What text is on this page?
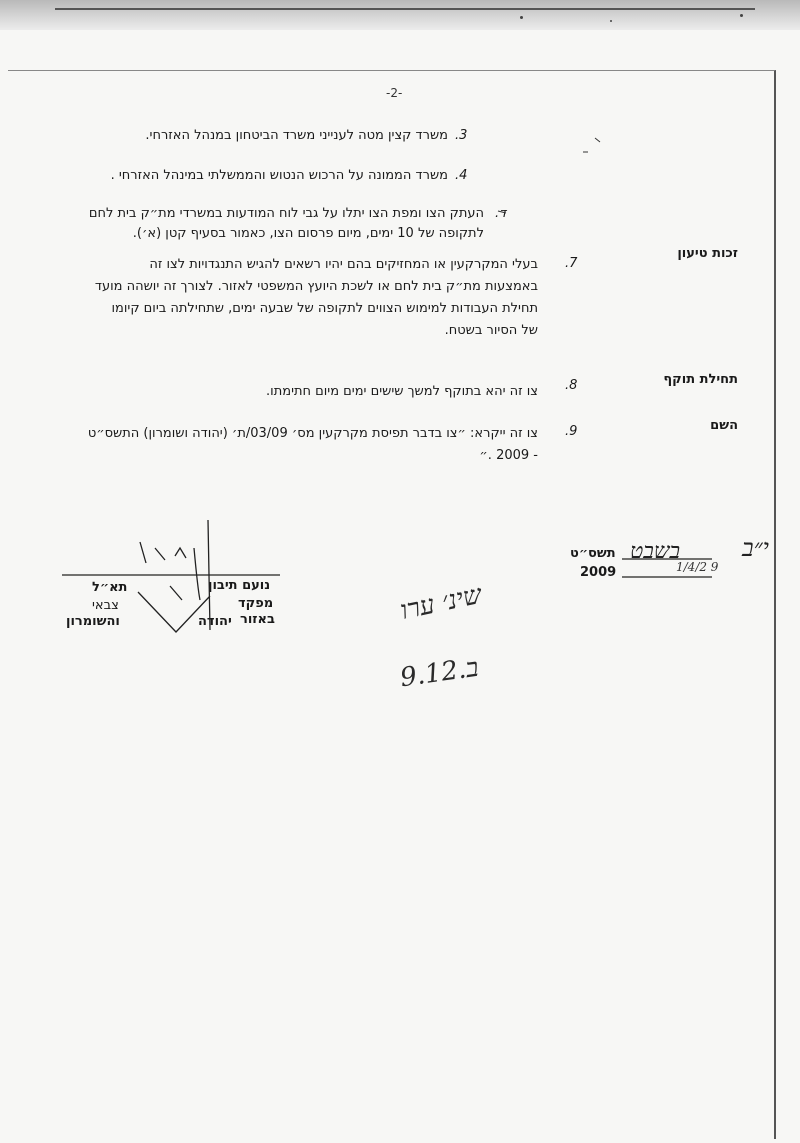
-2-
.3
משרד קצין מטה לענייני משרד הביטחון במנהל האזרחי.
.4
משרד הממונה על הרכוש הנטוש והממשלתי במינהל האזרחי .
.ד
העתק הצו ומפת הצו יתלו על גבי לוח המודעות במשרדי מת״ק בית לחם
לתקופה של 10 ימים, מיום פרסום הצו, כאמור בסעיף קטן (א׳).
זכות טיעון
.7
בעלי המקרקעין או המחזיקים בהם יהיו רשאים להגיש התנגדויות לצו זה
באמצעות מת״ק בית לחם או לשכת היועץ המשפטי לאזור. לצורך זה יושהה מועד
תחילת העבודות למימוש הצווים לתקופה של שבעה ימים, שתחילתה ביום קיומו
של הסיור בשטח.
תחילת תוקף
.8
צו זה יהא בתוקף למשך שישים ימים מיום חתימתו.
השם
.9
צו זה ייקרא: ״צו בדבר תפיסת מקרקעין מס׳ 03/09/ת׳ (יהודה ושומרון) התשס״ט
- 2009 .״
תשס״ט
2009
בשבט	י״ב
1/4/2 9
נועם תיבון
תא״ל
מפקד
צבאי
באזור
יהודה
והשומרון	שינ׳ ערו
ב.9.12
